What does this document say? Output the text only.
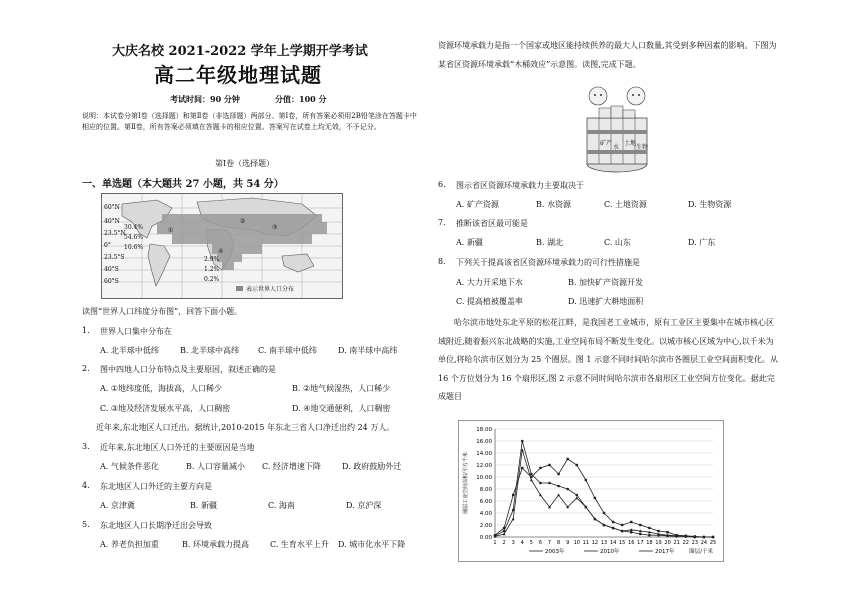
大庆名校 2021-2022 学年上学期开学考试
高二年级地理试题
考试时间：90 分钟	分值：100 分
说明：本试卷分第Ⅰ卷（选择题）和第Ⅱ卷（非选择题）两部分。第Ⅰ卷，所有答案必须用2B铅笔涂在答题卡中相应的位置。第Ⅱ卷，所有答案必须填在答题卡的相应位置。答案写在试卷上均无效，不予记分。
第Ⅰ卷（选择题）
一、单选题（本大题共 27 小题，共 54 分）
60°N
40°N
23.5°N
0°
23.5°S
40°S
60°S
30.4%
54.6%
10.6%
2.9%
1.2%
0.2%
①
②
③
④
表示世界人口分布
读图“世界人口纬度分布图”，回答下面小题。
1. 世界人口集中分布在
A. 北半球中低纬	B. 北半球中高纬 C. 南半球中低纬	D. 南半球中高纬
2. 图中四地人口分布特点及主要原因，叙述正确的是
A. ①地纬度低，海拔高，人口稀少	B. ②地气候湿热，人口稀少
C. ③地及经济发展水平高，人口稠密	D. ④地交通便利，人口稠密
近年来,东北地区人口迁出。据统计,2010-2015 年东北三省人口净迁出约 24 万人。
3. 近年来,东北地区人口外迁的主要原因是当地
A. 气候条件恶化	B. 人口容量减小 C. 经济增速下降	D. 政府鼓励外迁
4. 东北地区人口外迁的主要方向是
A. 京津冀	B. 新疆	C. 海南	D. 京沪深
5. 东北地区人口长期净迁出会导致
A. 养老负担加重	B. 环境承载力提高	C. 生育水平上升 D. 城市化水平下降
资源环境承载力是指一个国家或地区能持续供养的最大人口数量,其受到多种因素的影响。下图为某省区资源环境承载“木桶效应”示意图。读图,完成下题。
矿产
水
土地
生物
6. 图示省区资源环境承载力主要取决于
A. 矿产资源	B. 水资源	C. 土地资源	D. 生物资源
7. 推断该省区最可能是
A. 新疆	B. 湖北	C. 山东	D. 广东
8. 下列关于提高该省区资源环境承载力的可行性措施是
A. 大力开采地下水	B. 加快矿产资源开发
C. 提高植被覆盖率	D. 迅速扩大耕地面积
哈尔滨市地处东北平原的松花江畔，是我国老工业城市，原有工业区主要集中在城市核心区域附近,随着振兴东北战略的实施,工业空间布局不断发生变化。以城市核心区域为中心,以千米为单位,将哈尔滨市区划分为 25 个圈层。图 1 示意不同时间哈尔滨市各圈层工业空间面积变化。从 16 个方位划分为 16 个扇形区,图 2 示意不同时间哈尔滨市各扇形区工业空间方位变化。据此完成题目
0.00
2.00
4.00
6.00
8.00
10.00
12.00
14.00
16.00
18.00
1 2 3 4 5 6 7 8 9 10 11 12 13 14 15 16 17 18 19 20 21 22 23 24 25
圈层工业空间面积/平方千米
圈层/千米
2003年	2010年	2017年
